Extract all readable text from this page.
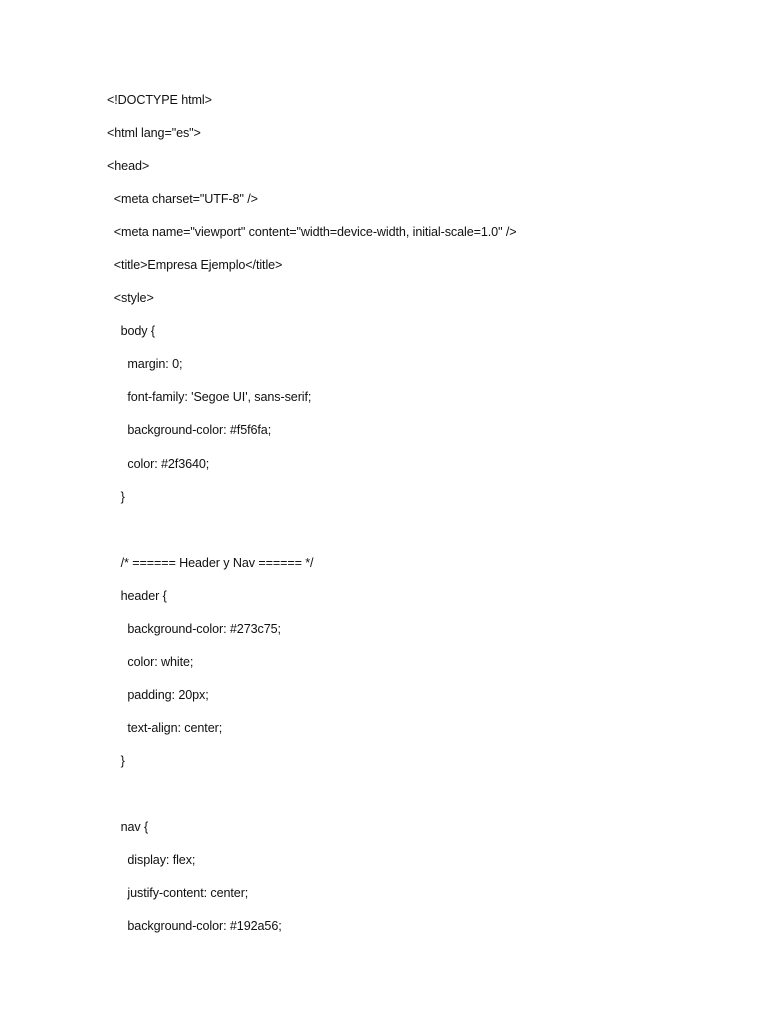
<!DOCTYPE html>
<html lang="es">
<head>
<meta charset="UTF-8" />
<meta name="viewport" content="width=device-width, initial-scale=1.0" />
<title>Empresa Ejemplo</title>
<style>
body {
margin: 0;
font-family: 'Segoe UI', sans-serif;
background-color: #f5f6fa;
color: #2f3640;
}
/* ====== Header y Nav ====== */
header {
background-color: #273c75;
color: white;
padding: 20px;
text-align: center;
}
nav {
display: flex;
justify-content: center;
background-color: #192a56;
